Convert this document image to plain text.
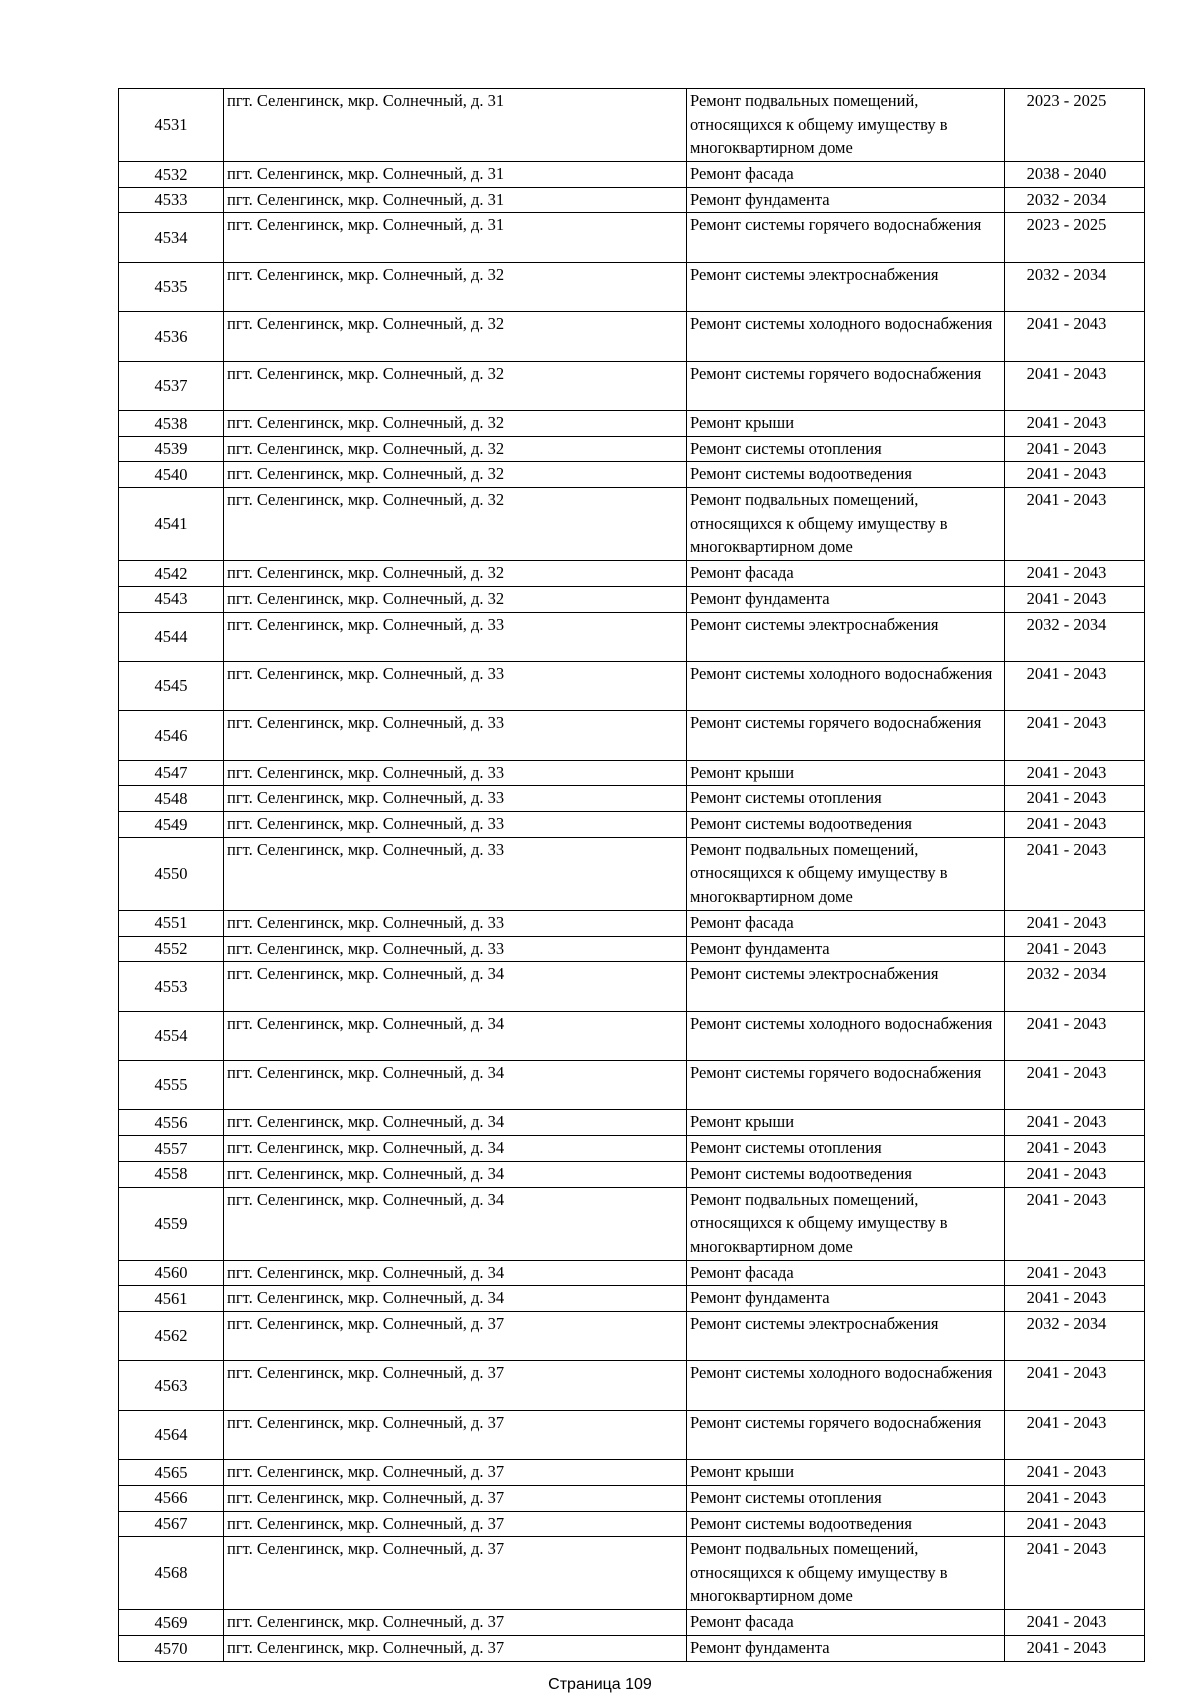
4531	пгт. Селенгинск, мкр. Солнечный, д. 31	Ремонт подвальных помещений, относящихся к общему имуществу в многоквартирном доме	2023 - 2025
4532	пгт. Селенгинск, мкр. Солнечный, д. 31	Ремонт фасада	2038 - 2040
4533	пгт. Селенгинск, мкр. Солнечный, д. 31	Ремонт фундамента	2032 - 2034
4534	пгт. Селенгинск, мкр. Солнечный, д. 31	Ремонт системы горячего водоснабжения	2023 - 2025
4535	пгт. Селенгинск, мкр. Солнечный, д. 32	Ремонт системы электроснабжения	2032 - 2034
4536	пгт. Селенгинск, мкр. Солнечный, д. 32	Ремонт системы холодного водоснабжения	2041 - 2043
4537	пгт. Селенгинск, мкр. Солнечный, д. 32	Ремонт системы горячего водоснабжения	2041 - 2043
4538	пгт. Селенгинск, мкр. Солнечный, д. 32	Ремонт крыши	2041 - 2043
4539	пгт. Селенгинск, мкр. Солнечный, д. 32	Ремонт системы отопления	2041 - 2043
4540	пгт. Селенгинск, мкр. Солнечный, д. 32	Ремонт системы водоотведения	2041 - 2043
4541	пгт. Селенгинск, мкр. Солнечный, д. 32	Ремонт подвальных помещений, относящихся к общему имуществу в многоквартирном доме	2041 - 2043
4542	пгт. Селенгинск, мкр. Солнечный, д. 32	Ремонт фасада	2041 - 2043
4543	пгт. Селенгинск, мкр. Солнечный, д. 32	Ремонт фундамента	2041 - 2043
4544	пгт. Селенгинск, мкр. Солнечный, д. 33	Ремонт системы электроснабжения	2032 - 2034
4545	пгт. Селенгинск, мкр. Солнечный, д. 33	Ремонт системы холодного водоснабжения	2041 - 2043
4546	пгт. Селенгинск, мкр. Солнечный, д. 33	Ремонт системы горячего водоснабжения	2041 - 2043
4547	пгт. Селенгинск, мкр. Солнечный, д. 33	Ремонт крыши	2041 - 2043
4548	пгт. Селенгинск, мкр. Солнечный, д. 33	Ремонт системы отопления	2041 - 2043
4549	пгт. Селенгинск, мкр. Солнечный, д. 33	Ремонт системы водоотведения	2041 - 2043
4550	пгт. Селенгинск, мкр. Солнечный, д. 33	Ремонт подвальных помещений, относящихся к общему имуществу в многоквартирном доме	2041 - 2043
4551	пгт. Селенгинск, мкр. Солнечный, д. 33	Ремонт фасада	2041 - 2043
4552	пгт. Селенгинск, мкр. Солнечный, д. 33	Ремонт фундамента	2041 - 2043
4553	пгт. Селенгинск, мкр. Солнечный, д. 34	Ремонт системы электроснабжения	2032 - 2034
4554	пгт. Селенгинск, мкр. Солнечный, д. 34	Ремонт системы холодного водоснабжения	2041 - 2043
4555	пгт. Селенгинск, мкр. Солнечный, д. 34	Ремонт системы горячего водоснабжения	2041 - 2043
4556	пгт. Селенгинск, мкр. Солнечный, д. 34	Ремонт крыши	2041 - 2043
4557	пгт. Селенгинск, мкр. Солнечный, д. 34	Ремонт системы отопления	2041 - 2043
4558	пгт. Селенгинск, мкр. Солнечный, д. 34	Ремонт системы водоотведения	2041 - 2043
4559	пгт. Селенгинск, мкр. Солнечный, д. 34	Ремонт подвальных помещений, относящихся к общему имуществу в многоквартирном доме	2041 - 2043
4560	пгт. Селенгинск, мкр. Солнечный, д. 34	Ремонт фасада	2041 - 2043
4561	пгт. Селенгинск, мкр. Солнечный, д. 34	Ремонт фундамента	2041 - 2043
4562	пгт. Селенгинск, мкр. Солнечный, д. 37	Ремонт системы электроснабжения	2032 - 2034
4563	пгт. Селенгинск, мкр. Солнечный, д. 37	Ремонт системы холодного водоснабжения	2041 - 2043
4564	пгт. Селенгинск, мкр. Солнечный, д. 37	Ремонт системы горячего водоснабжения	2041 - 2043
4565	пгт. Селенгинск, мкр. Солнечный, д. 37	Ремонт крыши	2041 - 2043
4566	пгт. Селенгинск, мкр. Солнечный, д. 37	Ремонт системы отопления	2041 - 2043
4567	пгт. Селенгинск, мкр. Солнечный, д. 37	Ремонт системы водоотведения	2041 - 2043
4568	пгт. Селенгинск, мкр. Солнечный, д. 37	Ремонт подвальных помещений, относящихся к общему имуществу в многоквартирном доме	2041 - 2043
4569	пгт. Селенгинск, мкр. Солнечный, д. 37	Ремонт фасада	2041 - 2043
4570	пгт. Селенгинск, мкр. Солнечный, д. 37	Ремонт фундамента	2041 - 2043
Страница 109
